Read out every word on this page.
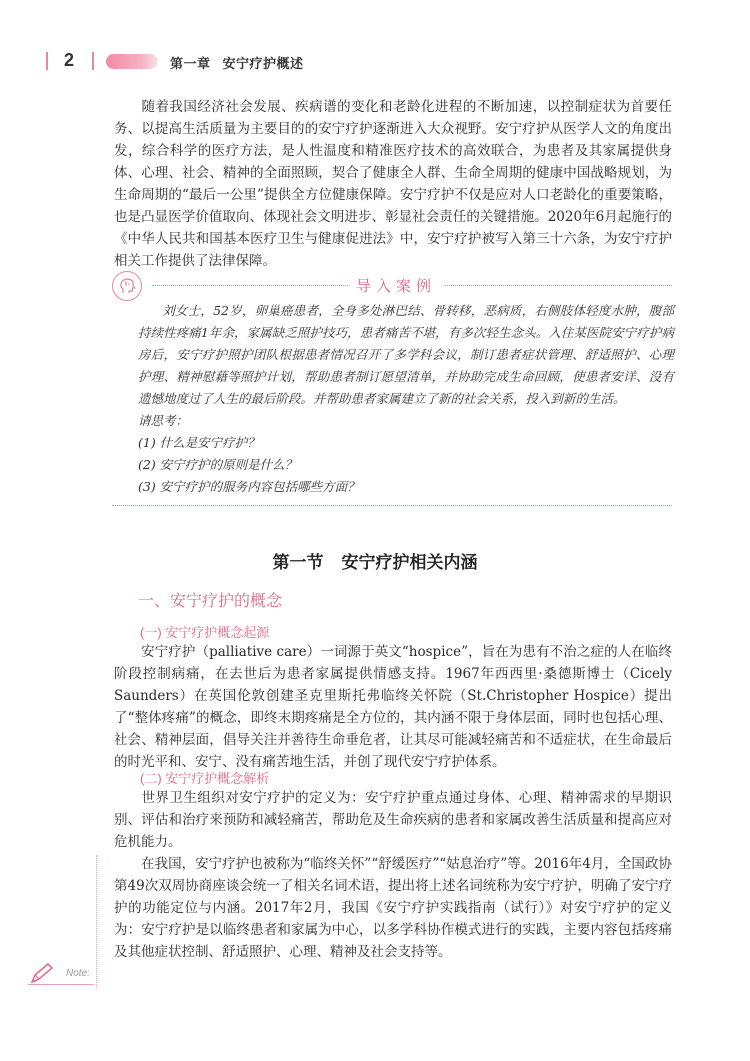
2	第一章 安宁疗护概述

随着我国经济社会发展、疾病谱的变化和老龄化进程的不断加速，以控制症状为首要任务、以提高生活质量为主要目的的安宁疗护逐渐进入大众视野。安宁疗护从医学人文的角度出发，综合科学的医疗方法，是人性温度和精准医疗技术的高效联合，为患者及其家属提供身体、心理、社会、精神的全面照顾，契合了健康全人群、生命全周期的健康中国战略规划，为生命周期的“最后一公里”提供全方位健康保障。安宁疗护不仅是应对人口老龄化的重要策略，也是凸显医学价值取向、体现社会文明进步、彰显社会责任的关键措施。2020年6月起施行的《中华人民共和国基本医疗卫生与健康促进法》中，安宁疗护被写入第三十六条，为安宁疗护相关工作提供了法律保障。

导入案例

刘女士，52岁，卵巢癌患者，全身多处淋巴结、骨转移，恶病质，右侧肢体轻度水肿，腹部持续性疼痛1年余，家属缺乏照护技巧，患者痛苦不堪，有多次轻生念头。入住某医院安宁疗护病房后，安宁疗护照护团队根据患者情况召开了多学科会议，制订患者症状管理、舒适照护、心理护理、精神慰藉等照护计划，帮助患者制订愿望清单，并协助完成生命回顾，使患者安详、没有遗憾地度过了人生的最后阶段。并帮助患者家属建立了新的社会关系，投入到新的生活。

请思考：
(1) 什么是安宁疗护？
(2) 安宁疗护的原则是什么？
(3) 安宁疗护的服务内容包括哪些方面？
第一节 安宁疗护相关内涵
一、安宁疗护的概念
(一) 安宁疗护概念起源

安宁疗护（palliative care）一词源于英文“hospice”，旨在为患有不治之症的人在临终阶段控制病痛，在去世后为患者家属提供情感支持。1967年西西里·桑德斯博士（Cicely Saunders）在英国伦敦创建圣克里斯托弗临终关怀院（St.Christopher Hospice）提出了“整体疼痛”的概念，即终末期疼痛是全方位的，其内涵不限于身体层面，同时也包括心理、社会、精神层面，倡导关注并善待生命垂危者，让其尽可能减轻痛苦和不适症状，在生命最后的时光平和、安宁、没有痛苦地生活，并创了现代安宁疗护体系。

(二) 安宁疗护概念解析

世界卫生组织对安宁疗护的定义为：安宁疗护重点通过身体、心理、精神需求的早期识别、评估和治疗来预防和减轻痛苦，帮助危及生命疾病的患者和家属改善生活质量和提高应对危机能力。

在我国，安宁疗护也被称为“临终关怀”“舒缓医疗”“姑息治疗”等。2016年4月，全国政协第49次双周协商座谈会统一了相关名词术语，提出将上述名词统称为安宁疗护，明确了安宁疗护的功能定位与内涵。2017年2月，我国《安宁疗护实践指南（试行）》对安宁疗护的定义为：安宁疗护是以临终患者和家属为中心，以多学科协作模式进行的实践，主要内容包括疼痛及其他症状控制、舒适照护、心理、精神及社会支持等。

Note:
